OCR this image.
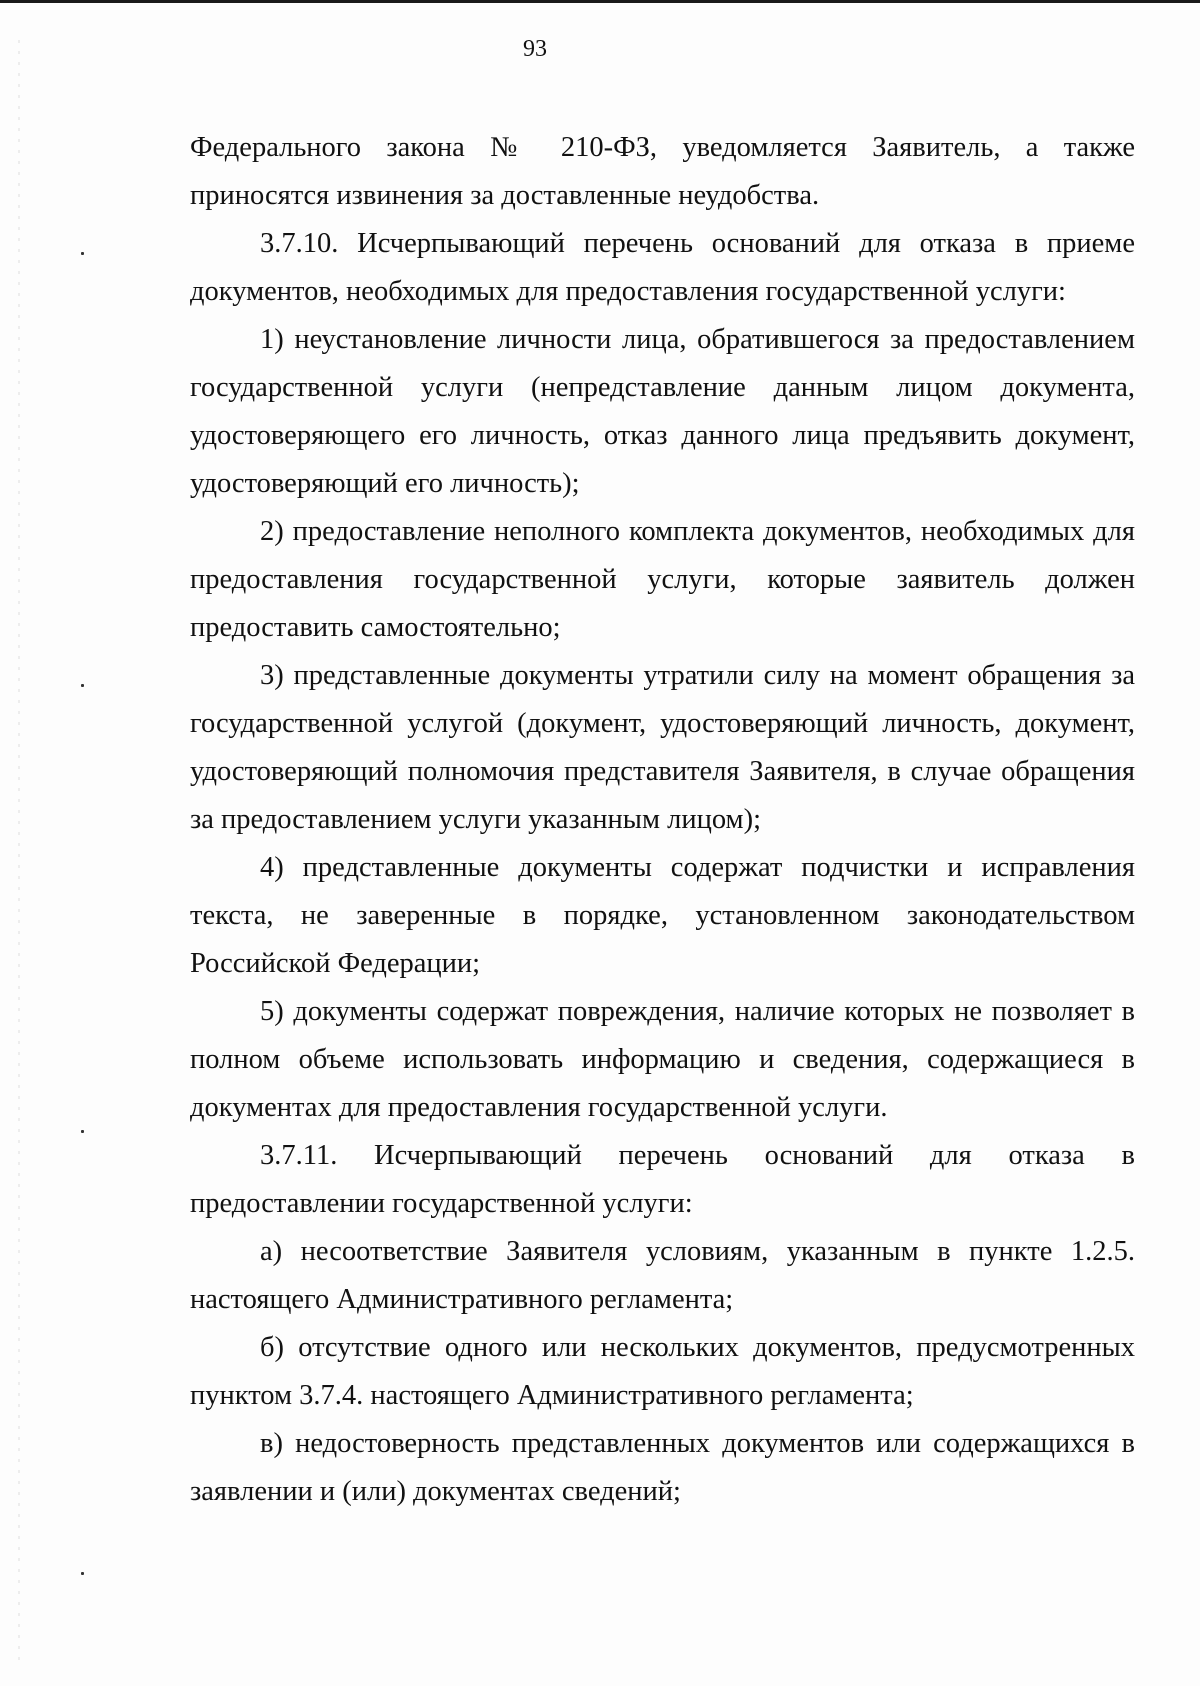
93

Федерального закона № 210-ФЗ, уведомляется Заявитель, а также приносятся извинения за доставленные неудобства.

3.7.10. Исчерпывающий перечень оснований для отказа в приеме документов, необходимых для предоставления государственной услуги:

1) неустановление личности лица, обратившегося за предоставлением государственной услуги (непредставление данным лицом документа, удостоверяющего его личность, отказ данного лица предъявить документ, удостоверяющий его личность);

2) предоставление неполного комплекта документов, необходимых для предоставления государственной услуги, которые заявитель должен предоставить самостоятельно;

3) представленные документы утратили силу на момент обращения за государственной услугой (документ, удостоверяющий личность, документ, удостоверяющий полномочия представителя Заявителя, в случае обращения за предоставлением услуги указанным лицом);

4) представленные документы содержат подчистки и исправления текста, не заверенные в порядке, установленном законодательством Российской Федерации;

5) документы содержат повреждения, наличие которых не позволяет в полном объеме использовать информацию и сведения, содержащиеся в документах для предоставления государственной услуги.

3.7.11. Исчерпывающий перечень оснований для отказа в предоставлении государственной услуги:

а) несоответствие Заявителя условиям, указанным в пункте 1.2.5. настоящего Административного регламента;

б) отсутствие одного или нескольких документов, предусмотренных пунктом 3.7.4. настоящего Административного регламента;

в) недостоверность представленных документов или содержащихся в заявлении и (или) документах сведений;
